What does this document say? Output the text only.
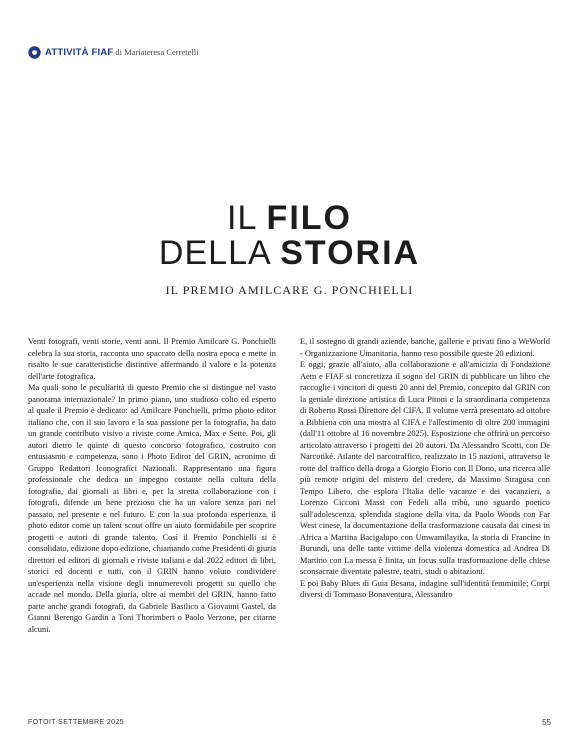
ATTIVITÀ FIAF di Mariateresa Cerretelli
IL FILO
DELLA STORIA
IL PREMIO AMILCARE G. PONCHIELLI

Venti fotografi, venti storie, venti anni. Il Premio Amilcare G. Ponchielli celebra la sua storia, racconta uno spaccato della nostra epoca e mette in risalto le sue caratteristiche distintive affermando il valore e la potenza dell'arte fotografica.

Ma quali sono le peculiarità di questo Premio che si distingue nel vasto panorama internazionale? In primo piano, uno studioso colto ed esperto al quale il Premio è dedicato: ad Amilcare Ponchielli, primo photo editor italiano che, con il suo lavoro e la sua passione per la fotografia, ha dato un grande contributo visivo a riviste come Amica, Max e Sette. Poi, gli autori dietro le quinte di questo concorso fotografico, costruito con entusiasmo e competenza, sono i Photo Editor del GRIN, acronimo di Gruppo Redattori Iconografici Nazionali. Rappresentano una figura professionale che dedica un impegno costante nella cultura della fotografia, dai giornali ai libri e, per la stretta collaborazione con i fotografi, difende un bene prezioso che ha un valore senza pari nel passato, nel presente e nel futuro. E con la sua profonda esperienza, il photo editor come un talent scout offre un aiuto formidabile per scoprire progetti e autori di grande talento. Così il Premio Ponchielli si è consolidato, edizione dopo edizione, chiamando come Presidenti di giuria direttori ed editori di giornali e riviste italiani e dal 2022 editori di libri, storici ed docenti e tutti, con il GRIN hanno voluto condividere un'esperienza nella visione degli innumerevoli progetti su quello che accade nel mondo. Della giuria, oltre ai membri del GRIN, hanno fatto parte anche grandi fotografi, da Gabriele Basilico a Giovanni Gastel, da Gianni Berengo Gardin a Toni Thorimbert o Paolo Verzone, per citarne alcuni.

E, il sostegno di grandi aziende, banche, gallerie e privati fino a WeWorld - Organizzazione Umanitaria, hanno reso possibile queste 20 edizioni.

E oggi, grazie all'aiuto, alla collaborazione e all'amicizia di Fondazione Aem e FIAF si concretizza il sogno del GRIN di pubblicare un libro che raccoglie i vincitori di questi 20 anni del Premio, concepito dal GRIN con la geniale direzione artistica di Luca Pitoni e la straordinaria competenza di Roberto Rossi Direttore del CIFA. Il volume verrà presentato ad ottobre a Bibbiena con una mostra al CIFA e l'allestimento di oltre 200 immagini (dall'11 ottobre al 16 novembre 2025). Esposizione che offrirà un percorso articolato attraverso i progetti dei 20 autori. Da Alessandro Scotti, con De Narcotiké. Atlante del narcotraffico, realizzato in 15 nazioni, attraverso le rotte del traffico della droga a Giorgio Fiorio con Il Dono, una ricerca alle più remote origini del mistero del credere, da Massimo Siragusa con Tempo Libero, che esplora l'Italia delle vacanze e dei vacanzieri, a Lorenzo Cicconi Massi con Fedeli alla tribù, uno sguardo poetico sull'adolescenza, splendida stagione della vita, da Paolo Woods con Far West cinese, la documentazione della trasformazione causata dai cinesi in Africa a Martina Bacigalupo con Umwamilayika, la storia di Francine in Burundi, una delle tante vittime della violenza domestica ad Andrea Di Martino con La messa è finita, un focus sulla trasformazione delle chiese sconsacrate diventate palestre, teatri, studi o abitazioni.

E poi Baby Blues di Guia Besana, indagine sull'identità femminile; Corpi diversi di Tommaso Bonaventura, Alessandro

FOTOIT SETTEMBRE 2025	55
